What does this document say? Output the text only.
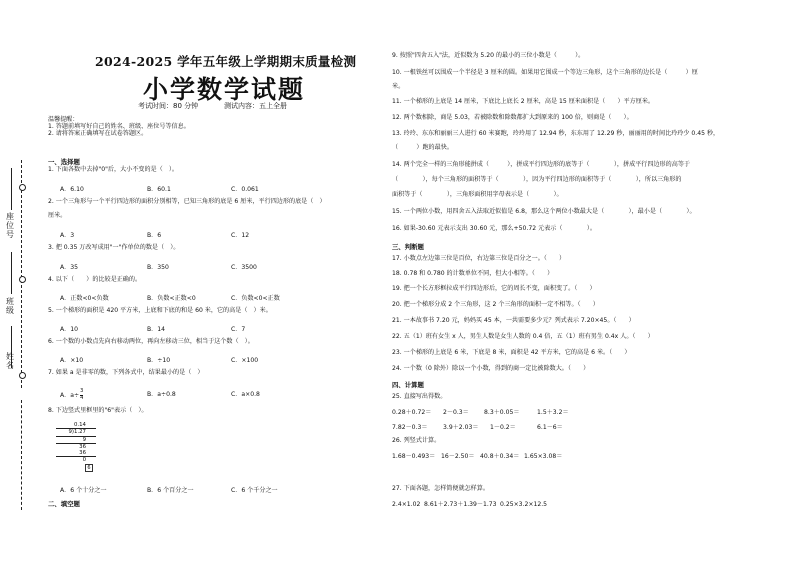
座位号
班级
姓名
2024-2025 学年五年级上学期期末质量检测
小学数学试题
考试时间：80 分钟	测试内容：五上全册
温馨提醒：
1. 答题前填写好自己的姓名、班级、座位号等信息。
2. 请将答案正确填写在试卷答题区。
一、选择题
1. 下面各数中去掉"0"后，大小不变的是（　）。
A．6.10	B．60.1	C．0.061
2. 一个三角形与一个平行四边形的面积分别相等，已知三角形的底是 6 厘米，平行四边形的底是（　）
厘米。
A．3	B．6	C．12
3. 把 0.35 万改写成用"一"作单位的数是（　）。
A．35	B．350	C．3500
4. 以下（　　）的比较是正确的。
A．正数<0<负数	B．负数<正数<0	C．负数<0<正数
5. 一个梯形的面积是 420 平方米，上底和下底的和是 60 米，它的高是（　）米。
A．10	B．14	C．7
6. 一个数的小数点先向右移动两位，再向左移动三位，相当于这个数（　）。
A．×10	B．÷10	C．×100
7. 如果 a 是非零的数，下列各式中，结果最小的是（　）
A．$a\div \frac{3}{4}$	B．a÷0.8	C．a×0.8
8. 下边竖式里框里的"6"表示（　）。
0.14
9)1.27
9
36
36
0
6
A．6 个十分之一	B．6 个百分之一	C．6 个千分之一
二、填空题
9. 按照"四舍五入"法，近似数为 5.20 的最小的三位小数是（　　　）。
10. 一根铁丝可以围成一个半径是 3 厘米的圆。如果用它围成一个等边三角形，这个三角形的边长是（　　　）厘
米。
11. 一个梯形的上底是 14 厘米，下底比上底长 2 厘米，高是 15 厘米面积是（　　）平方厘米。
12. 两个数相除，商是 5.03，若被除数和除数都扩大到原来的 100 倍，则商是（　　）。
13. 玲玲、东东和丽丽三人进行 60 米赛跑，玲玲用了 12.94 秒，东东用了 12.29 秒，丽丽用的时间比玲玲少 0.45 秒，
（　　　）跑的最快。
14. 两个完全一样的三角形能拼成（　　　），拼成平行四边形的底等于（　　　　），拼成平行四边形的高等于
（　　　　），每个三角形的面积等于（　　　　），因为平行四边形的面积等于（　　　　），所以三角形的
面积等于（　　　　），三角形面积用字母表示是（　　　　）。
15. 一个两位小数，用四舍五入法取近似值是 6.8，那么这个两位小数最大是（　　　　），最小是（　　　　）。
16. 如果-30.60 元表示支出 30.60 元，那么+50.72 元表示（　　　　）。
三、判断题
17. 小数点左边第三位是百位，右边第三位是百分之一。（　　）
18. 0.78 和 0.780 的计数单位不同，但大小相等。（　　）
19. 把一个长方形框拉成平行四边形后，它的周长不变，面积变了。（　　）
20. 把一个梯形分成 2 个三角形，这 2 个三角形的面积一定不相等。（　　）
21. 一本故事书 7.20 元，妈妈买 45 本，一共需要多少元？列式表示 7.20×45。（　　）
22. 五（1）班有女生 x 人，男生人数是女生人数的 0.4 倍，五（1）班有男生 0.4x 人。（　　）
23. 一个梯形的上底是 6 米，下底是 8 米，面积是 42 平方米，它的高是 6 米。（　　）
24. 一个数（0 除外）除以一个小数，得到的商一定比被除数大。（　　）
四、计算题
25. 直接写出得数。
0.28＋0.72＝ 2－0.3＝ 8.3＋0.05＝	1.5＋3.2＝
7.82－0.3＝	3.9＋2.03＝ 1－0.2＝	6.1－6＝
26. 列竖式计算。
1.68－0.493＝ 16－2.50＝ 40.8＋0.34＝ 1.65×3.08＝
27. 下面各题，怎样简便就怎样算。
2.4×1.02 8.61＋2.73＋1.39－1.73 0.25×3.2×12.5
